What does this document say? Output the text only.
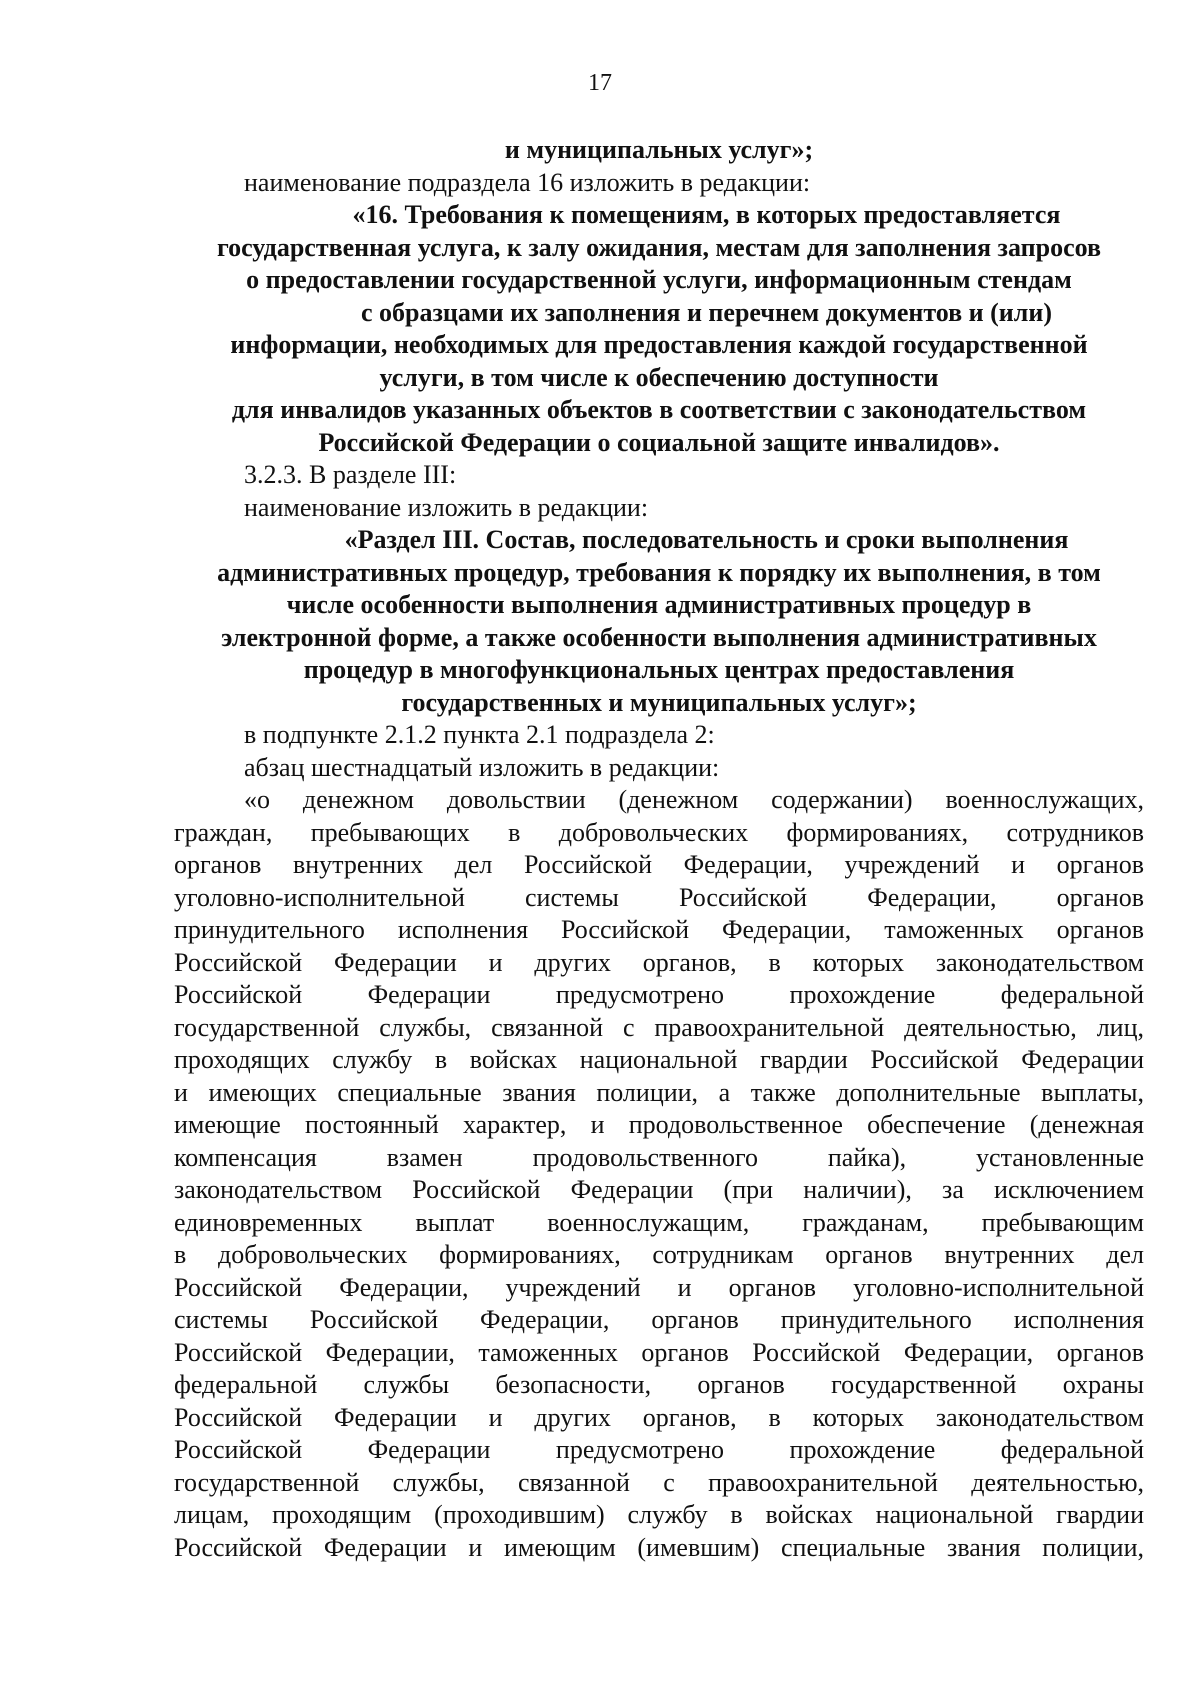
17
и муниципальных услуг»;
наименование подраздела 16 изложить в редакции:
«16. Требования к помещениям, в которых предоставляется
государственная услуга, к залу ожидания, местам для заполнения запросов
о предоставлении государственной услуги, информационным стендам
с образцами их заполнения и перечнем документов и (или)
информации, необходимых для предоставления каждой государственной
услуги, в том числе к обеспечению доступности
для инвалидов указанных объектов в соответствии с законодательством
Российской Федерации о социальной защите инвалидов».
3.2.3. В разделе III:
наименование изложить в редакции:
«Раздел III. Состав, последовательность и сроки выполнения
административных процедур, требования к порядку их выполнения, в том
числе особенности выполнения административных процедур в
электронной форме, а также особенности выполнения административных
процедур в многофункциональных центрах предоставления
государственных и муниципальных услуг»;
в подпункте 2.1.2 пункта 2.1 подраздела 2:
абзац шестнадцатый изложить в редакции:
«о денежном довольствии (денежном содержании) военнослужащих,
граждан, пребывающих в добровольческих формированиях, сотрудников
органов внутренних дел Российской Федерации, учреждений и органов
уголовно-исполнительной системы Российской Федерации, органов
принудительного исполнения Российской Федерации, таможенных органов
Российской Федерации и других органов, в которых законодательством
Российской Федерации предусмотрено прохождение федеральной
государственной службы, связанной с правоохранительной деятельностью, лиц,
проходящих службу в войсках национальной гвардии Российской Федерации
и имеющих специальные звания полиции, а также дополнительные выплаты,
имеющие постоянный характер, и продовольственное обеспечение (денежная
компенсация взамен продовольственного пайка), установленные
законодательством Российской Федерации (при наличии), за исключением
единовременных выплат военнослужащим, гражданам, пребывающим
в добровольческих формированиях, сотрудникам органов внутренних дел
Российской Федерации, учреждений и органов уголовно-исполнительной
системы Российской Федерации, органов принудительного исполнения
Российской Федерации, таможенных органов Российской Федерации, органов
федеральной службы безопасности, органов государственной охраны
Российской Федерации и других органов, в которых законодательством
Российской Федерации предусмотрено прохождение федеральной
государственной службы, связанной с правоохранительной деятельностью,
лицам, проходящим (проходившим) службу в войсках национальной гвардии
Российской Федерации и имеющим (имевшим) специальные звания полиции,
